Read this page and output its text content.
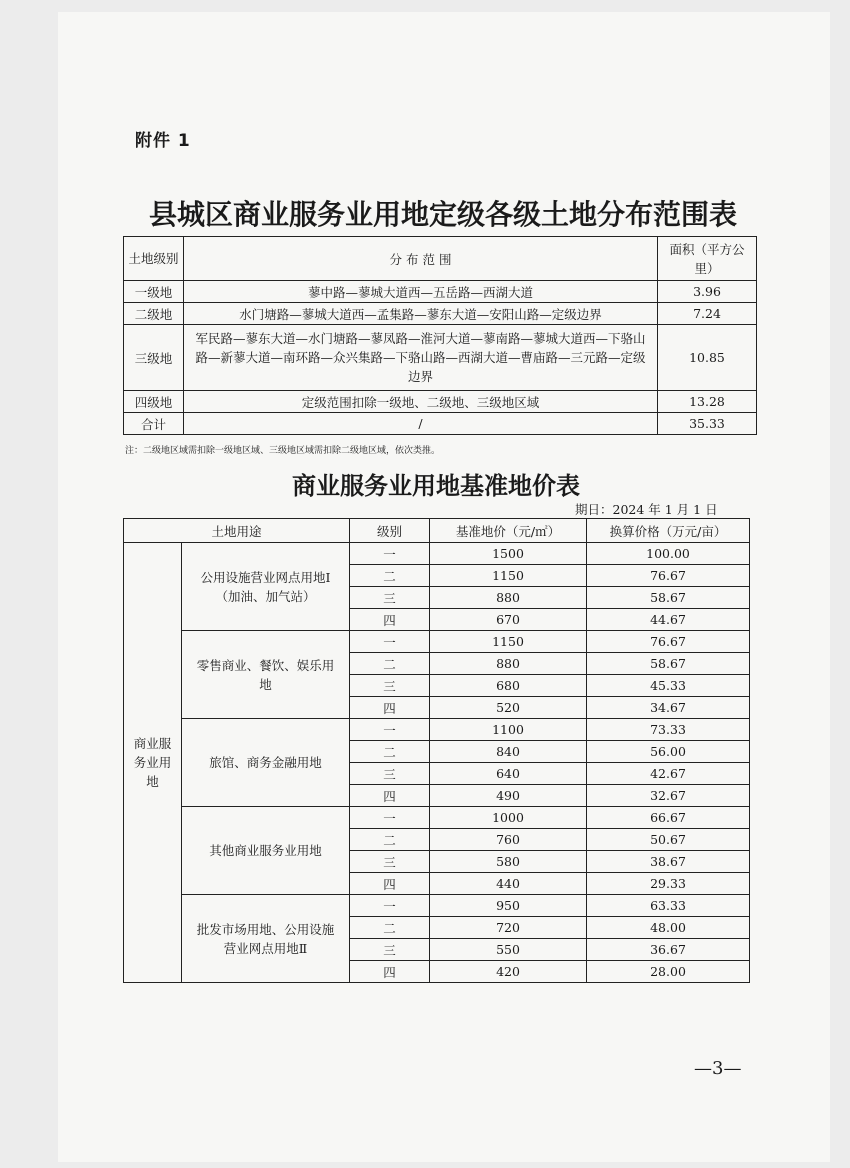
附件 1
县城区商业服务业用地定级各级土地分布范围表
土地级别	分 布 范 围	面积（平方公里）
一级地	蓼中路—蓼城大道西—五岳路—西湖大道	3.96
二级地	水门塘路—蓼城大道西—孟集路—蓼东大道—安阳山路—定级边界	7.24
三级地	军民路—蓼东大道—水门塘路—蓼凤路—淮河大道—蓼南路—蓼城大道西—下骆山路—新蓼大道—南环路—众兴集路—下骆山路—西湖大道—曹庙路—三元路—定级边界	10.85
四级地	定级范围扣除一级地、二级地、三级地区域	13.28
合计	/	35.33
注：二级地区域需扣除一级地区域、三级地区域需扣除二级地区域，依次类推。
商业服务业用地基准地价表
期日：2024 年 1 月 1 日
土地用途		级别	基准地价（元/㎡）	换算价格（万元/亩）
商业服务业用地	公用设施营业网点用地Ⅰ（加油、加气站）	一	1500	100.00
		二	1150	76.67
		三	880	58.67
		四	670	44.67
	零售商业、餐饮、娱乐用地	一	1150	76.67
		二	880	58.67
		三	680	45.33
		四	520	34.67
	旅馆、商务金融用地	一	1100	73.33
		二	840	56.00
		三	640	42.67
		四	490	32.67
	其他商业服务业用地	一	1000	66.67
		二	760	50.67
		三	580	38.67
		四	440	29.33
	批发市场用地、公用设施营业网点用地Ⅱ	一	950	63.33
		二	720	48.00
		三	550	36.67
		四	420	28.00
—3—
